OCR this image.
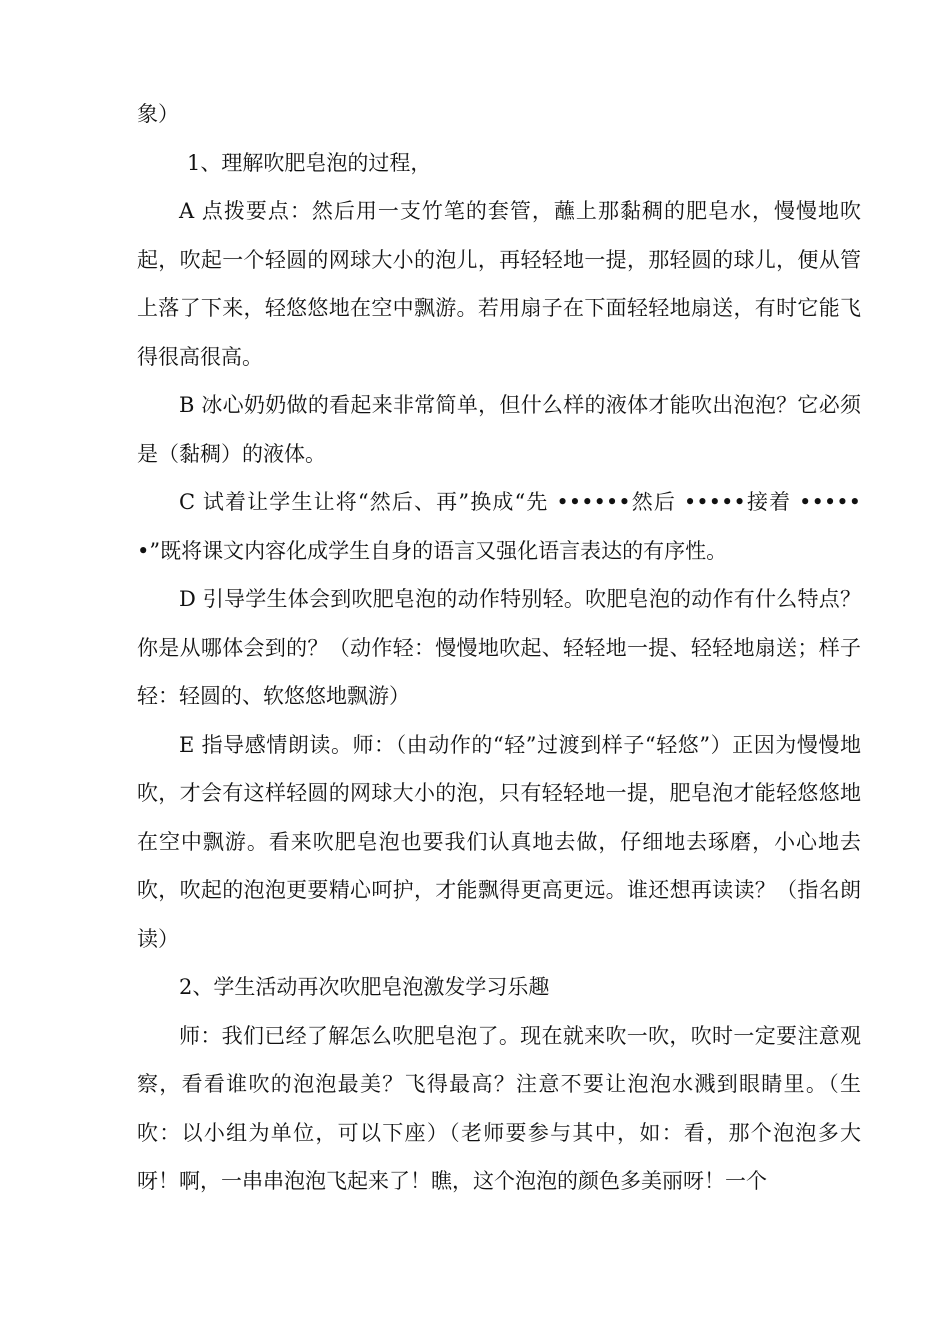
象）

1、理解吹肥皂泡的过程，

A 点拨要点：然后用一支竹笔的套管，蘸上那黏稠的肥皂水，慢慢地吹起，吹起一个轻圆的网球大小的泡儿，再轻轻地一提，那轻圆的球儿，便从管上落了下来，轻悠悠地在空中飘游。若用扇子在下面轻轻地扇送，有时它能飞得很高很高。

B 冰心奶奶做的看起来非常简单，但什么样的液体才能吹出泡泡？它必须是（黏稠）的液体。

C 试着让学生让将“然后、再”换成“先 ••••••然后 •••••接着 ••••••”既将课文内容化成学生自身的语言又强化语言表达的有序性。

D 引导学生体会到吹肥皂泡的动作特别轻。吹肥皂泡的动作有什么特点？你是从哪体会到的？（动作轻：慢慢地吹起、轻轻地一提、轻轻地扇送；样子轻：轻圆的、软悠悠地飘游）

E 指导感情朗读。师：（由动作的“轻”过渡到样子“轻悠”）正因为慢慢地吹，才会有这样轻圆的网球大小的泡，只有轻轻地一提，肥皂泡才能轻悠悠地在空中飘游。看来吹肥皂泡也要我们认真地去做，仔细地去琢磨，小心地去吹，吹起的泡泡更要精心呵护，才能飘得更高更远。谁还想再读读？（指名朗读）

2、学生活动再次吹肥皂泡激发学习乐趣

师：我们已经了解怎么吹肥皂泡了。现在就来吹一吹，吹时一定要注意观察，看看谁吹的泡泡最美？飞得最高？注意不要让泡泡水溅到眼睛里。（生吹：以小组为单位，可以下座）（老师要参与其中，如：看，那个泡泡多大呀！啊，一串串泡泡飞起来了！瞧，这个泡泡的颜色多美丽呀！一个
